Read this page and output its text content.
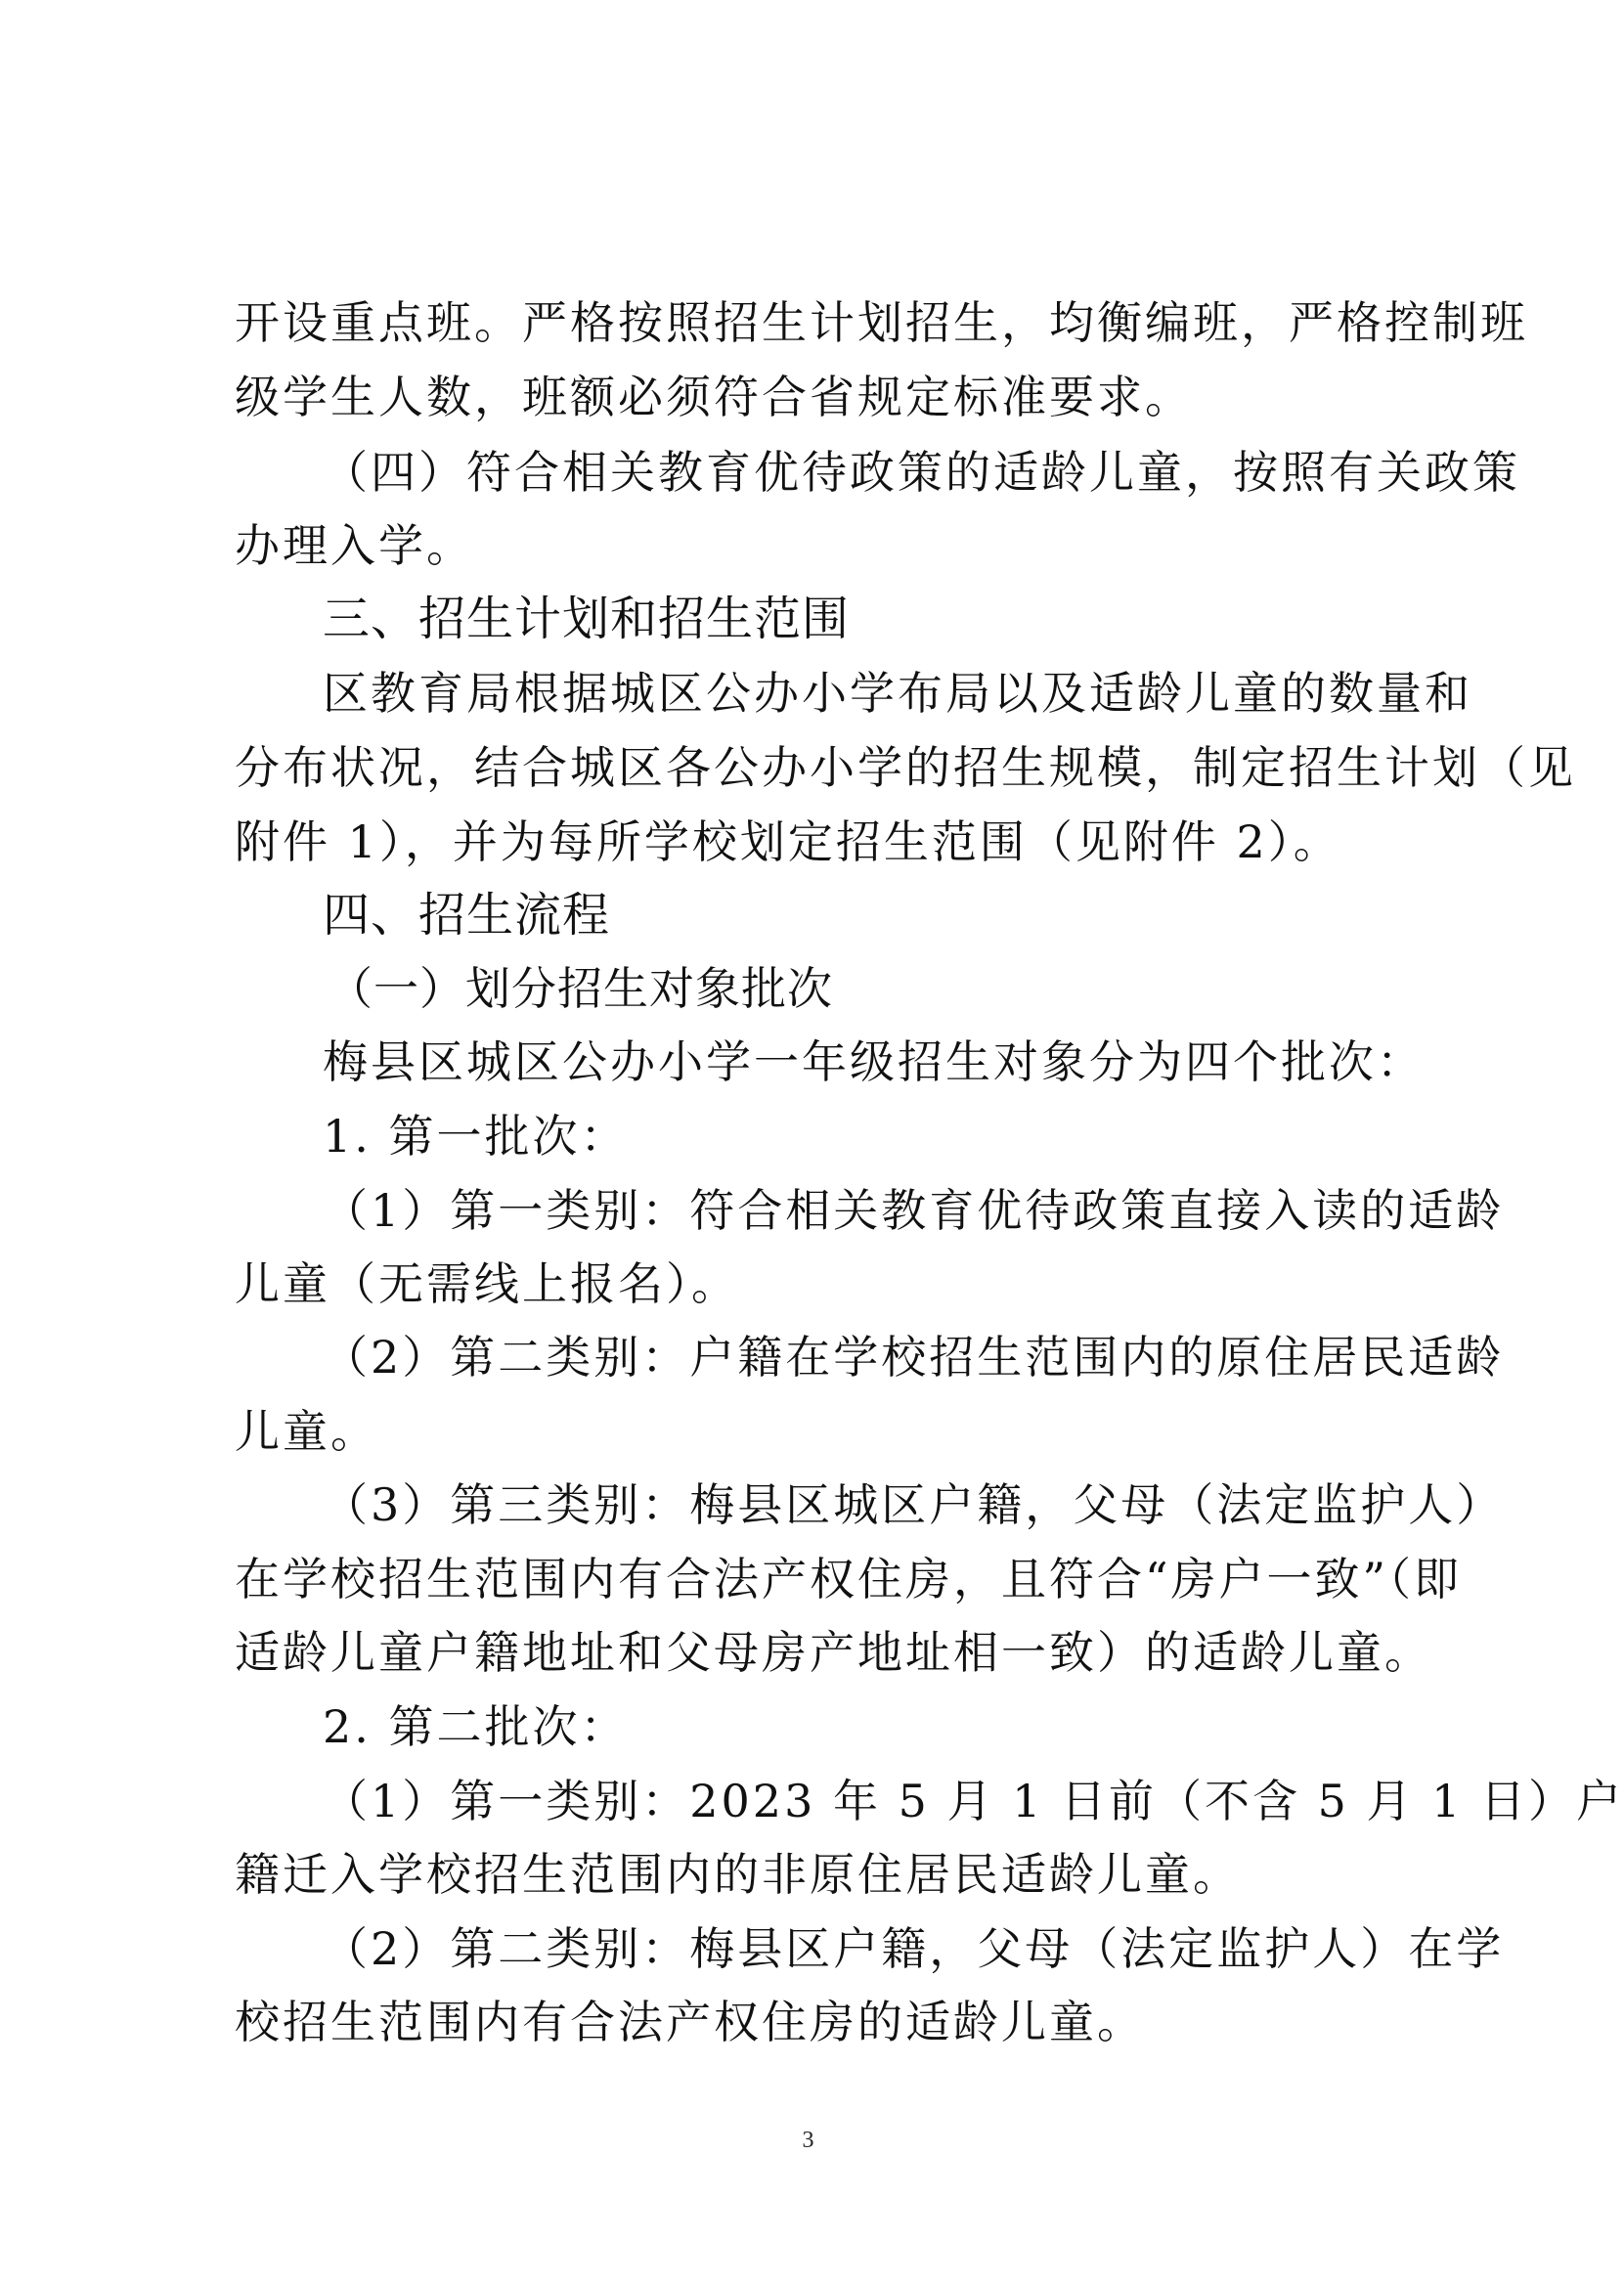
开设重点班。严格按照招生计划招生，均衡编班，严格控制班
级学生人数，班额必须符合省规定标准要求。
（四）符合相关教育优待政策的适龄儿童，按照有关政策
办理入学。
三、招生计划和招生范围
区教育局根据城区公办小学布局以及适龄儿童的数量和
分布状况，结合城区各公办小学的招生规模，制定招生计划（见
附件 1），并为每所学校划定招生范围（见附件 2）。
四、招生流程
（一）划分招生对象批次
梅县区城区公办小学一年级招生对象分为四个批次：
1. 第一批次：
（1）第一类别：符合相关教育优待政策直接入读的适龄
儿童（无需线上报名）。
（2）第二类别：户籍在学校招生范围内的原住居民适龄
儿童。
（3）第三类别：梅县区城区户籍，父母（法定监护人）
在学校招生范围内有合法产权住房，且符合“房户一致”（即
适龄儿童户籍地址和父母房产地址相一致）的适龄儿童。
2. 第二批次：
（1）第一类别：2023 年 5 月 1 日前（不含 5 月 1 日）户
籍迁入学校招生范围内的非原住居民适龄儿童。
（2）第二类别：梅县区户籍，父母（法定监护人）在学
校招生范围内有合法产权住房的适龄儿童。
3
